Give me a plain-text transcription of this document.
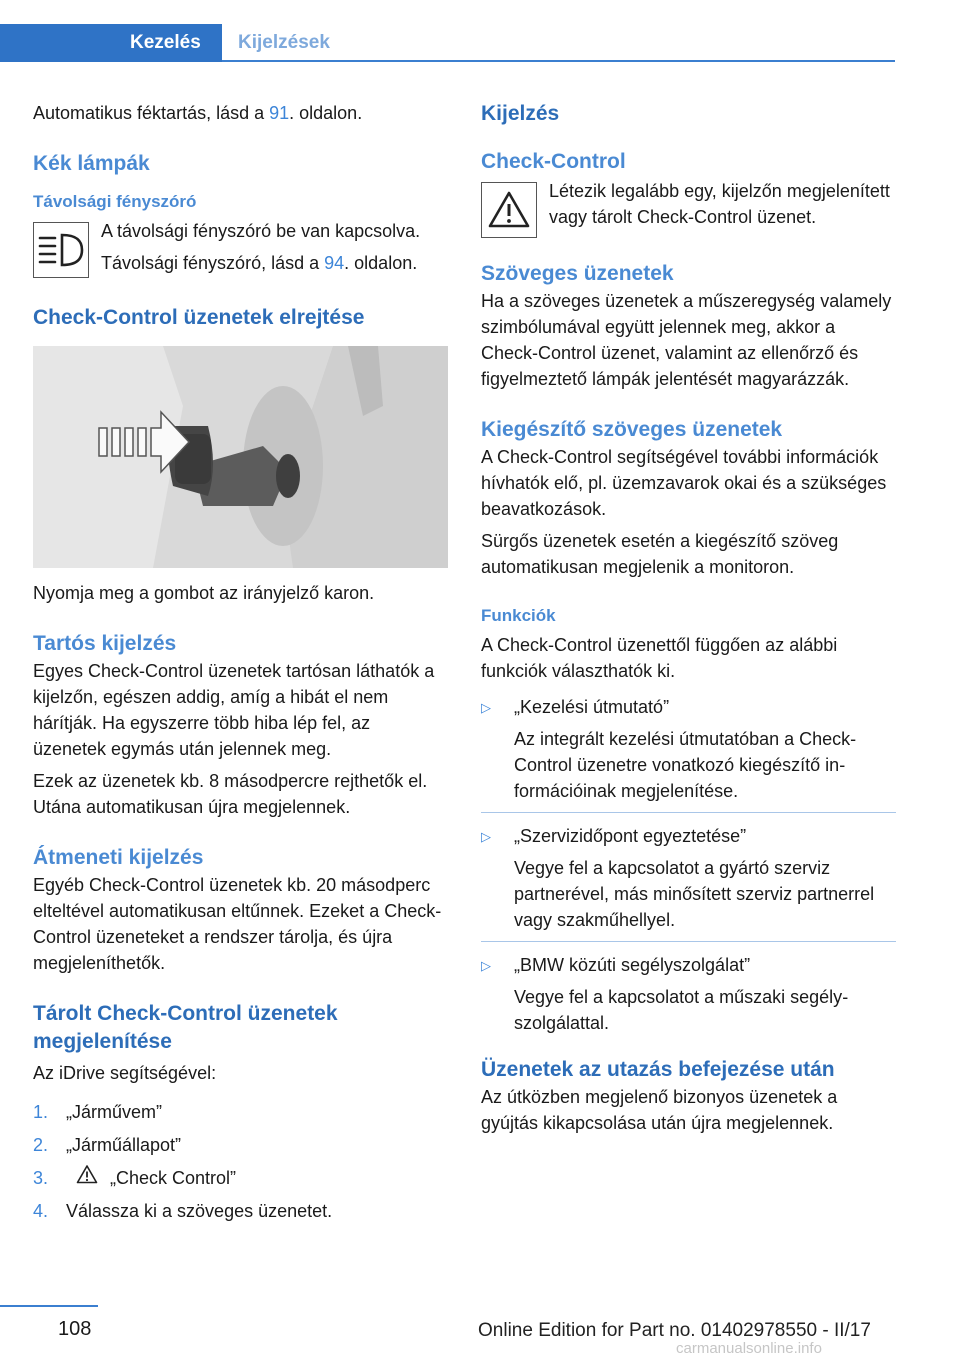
Kezelés	Kijelzések
Automatikus féktartás, lásd a 91. oldalon.
Kék lámpák
Távolsági fényszóró
A távolsági fényszóró be van kapcsolva.
Távolsági fényszóró, lásd a 94. oldalon.
Check-Control üzenetek elrejtése
Nyomja meg a gombot az irányjelző karon.
Tartós kijelzés
Egyes Check-Control üzenetek tartósan láthatók a kijelzőn, egészen addig, amíg a hibát el nem hárítják. Ha egyszerre több hiba lép fel, az üzenetek egymás után jelennek meg.
Ezek az üzenetek kb. 8 másodpercre rejthetők el. Utána automatikusan újra megjelennek.
Átmeneti kijelzés
Egyéb Check-Control üzenetek kb. 20 másodperc elteltével automatikusan eltűnnek. Ezeket a Check-Control üzeneteket a rendszer tárolja, és újra megjeleníthetők.
Tárolt Check-Control üzenetek megjelenítése
Az iDrive segítségével:
1. „Járművem”
2. „Járműállapot”
3.	„Check Control”
4. Válassza ki a szöveges üzenetet.
Kijelzés
Check-Control
Létezik legalább egy, kijelzőn megjelenített vagy tárolt Check-Control üzenet.
Szöveges üzenetek
Ha a szöveges üzenetek a műszeregység valamely szimbólumával együtt jelennek meg, akkor a Check-Control üzenet, valamint az ellenőrző és figyelmeztető lámpák jelentését magyarázzák.
Kiegészítő szöveges üzenetek
A Check-Control segítségével további információk hívhatók elő, pl. üzemzavarok okai és a szükséges beavatkozások.
Sürgős üzenetek esetén a kiegészítő szöveg automatikusan megjelenik a monitoron.
Funkciók
A Check-Control üzenettől függően az alábbi funkciók választhatók ki.
▷	„Kezelési útmutató”
Az integrált kezelési útmutatóban a Check-Control üzenetre vonatkozó kiegészítő információinak megjelenítése.
▷	„Szervizidőpont egyeztetése”
Vegye fel a kapcsolatot a gyártó szerviz partnerével, más minősített szerviz partnerrel vagy szakműhellyel.
▷	„BMW közúti segélyszolgálat”
Vegye fel a kapcsolatot a műszaki segélyszolgálattal.
Üzenetek az utazás befejezése után
Az útközben megjelenő bizonyos üzenetek a gyújtás kikapcsolása után újra megjelennek.
108	Online Edition for Part no. 01402978550 - II/17
carmanualsonline.info
